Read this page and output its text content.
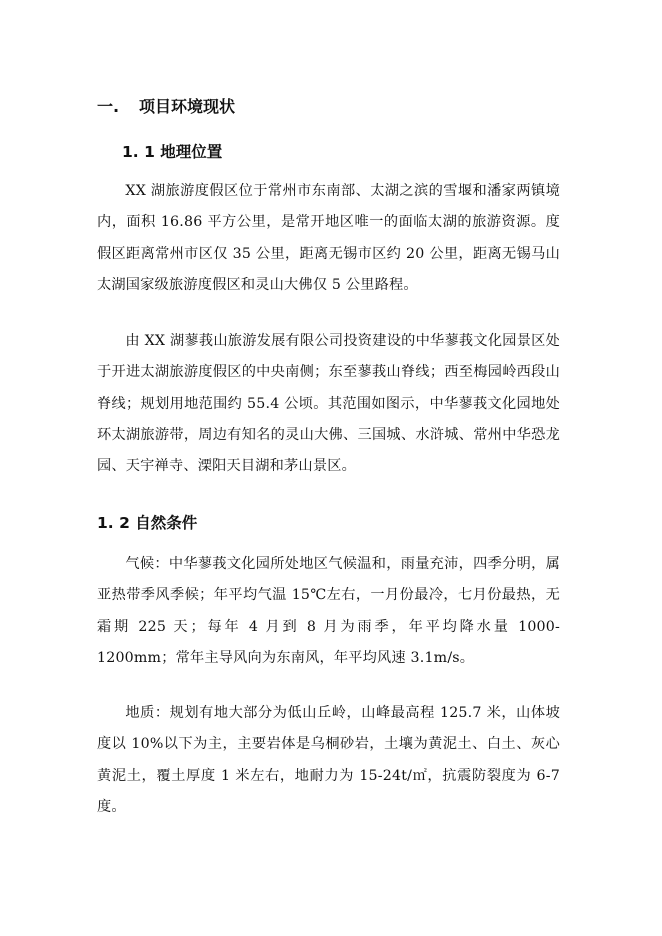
一. 项目环境现状
1. 1 地理位置

XX 湖旅游度假区位于常州市东南部、太湖之滨的雪堰和潘家两镇境内，面积 16.86 平方公里，是常开地区唯一的面临太湖的旅游资源。度假区距离常州市区仅 35 公里，距离无锡市区约 20 公里，距离无锡马山太湖国家级旅游度假区和灵山大佛仅 5 公里路程。

由 XX 湖蓼莪山旅游发展有限公司投资建设的中华蓼莪文化园景区处于开进太湖旅游度假区的中央南侧；东至蓼莪山脊线；西至梅园岭西段山脊线；规划用地范围约 55.4 公顷。其范围如图示，中华蓼莪文化园地处环太湖旅游带，周边有知名的灵山大佛、三国城、水浒城、常州中华恐龙园、天宇禅寺、溧阳天目湖和茅山景区。

1. 2 自然条件

气候：中华蓼莪文化园所处地区气候温和，雨量充沛，四季分明，属亚热带季风季候；年平均气温 15℃左右，一月份最冷，七月份最热，无霜期 225 天；每年 4 月到 8 月为雨季，年平均降水量 1000-1200mm；常年主导风向为东南风，年平均风速 3.1m/s。

地质：规划有地大部分为低山丘岭，山峰最高程 125.7 米，山体坡度以 10%以下为主，主要岩体是乌桐砂岩，土壤为黄泥土、白土、灰心黄泥土，覆土厚度 1 米左右，地耐力为 15-24t/㎡，抗震防裂度为 6-7 度。
